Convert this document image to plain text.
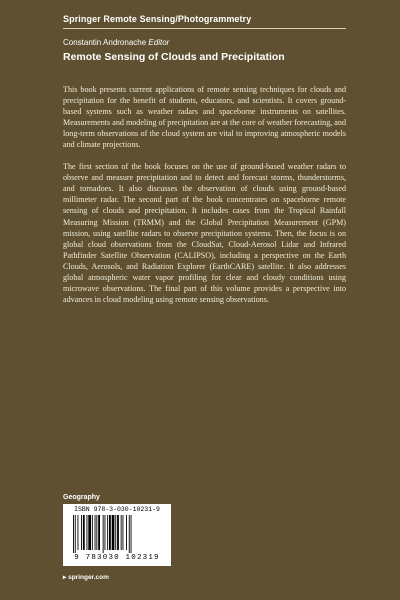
Springer Remote Sensing/Photogrammetry
Constantin Andronache Editor
Remote Sensing of Clouds and Precipitation

This book presents current applications of remote sensing techniques for clouds and precipitation for the benefit of students, educators, and scientists. It covers ground-based systems such as weather radars and spaceborne instruments on satellites. Measurements and modeling of precipitation are at the core of weather forecasting, and long-term observations of the cloud system are vital to improving atmospheric models and climate projections.

The first section of the book focuses on the use of ground-based weather radars to observe and measure precipitation and to detect and forecast storms, thunderstorms, and tornadoes. It also discusses the observation of clouds using ground-based millimeter radar. The second part of the book concentrates on spaceborne remote sensing of clouds and precipitation. It includes cases from the Tropical Rainfall Measuring Mission (TRMM) and the Global Precipitation Measurement (GPM) mission, using satellite radars to observe precipitation systems. Then, the focus is on global cloud observations from the CloudSat, Cloud-Aerosol Lidar and Infrared Pathfinder Satellite Observation (CALIPSO), including a perspective on the Earth Clouds, Aerosols, and Radiation Explorer (EarthCARE) satellite. It also addresses global atmospheric water vapor profiling for clear and cloudy conditions using microwave observations. The final part of this volume provides a perspective into advances in cloud modeling using remote sensing observations.

Geography
ISBN 978-3-030-10231-9
9 783030 102319
▸ springer.com
